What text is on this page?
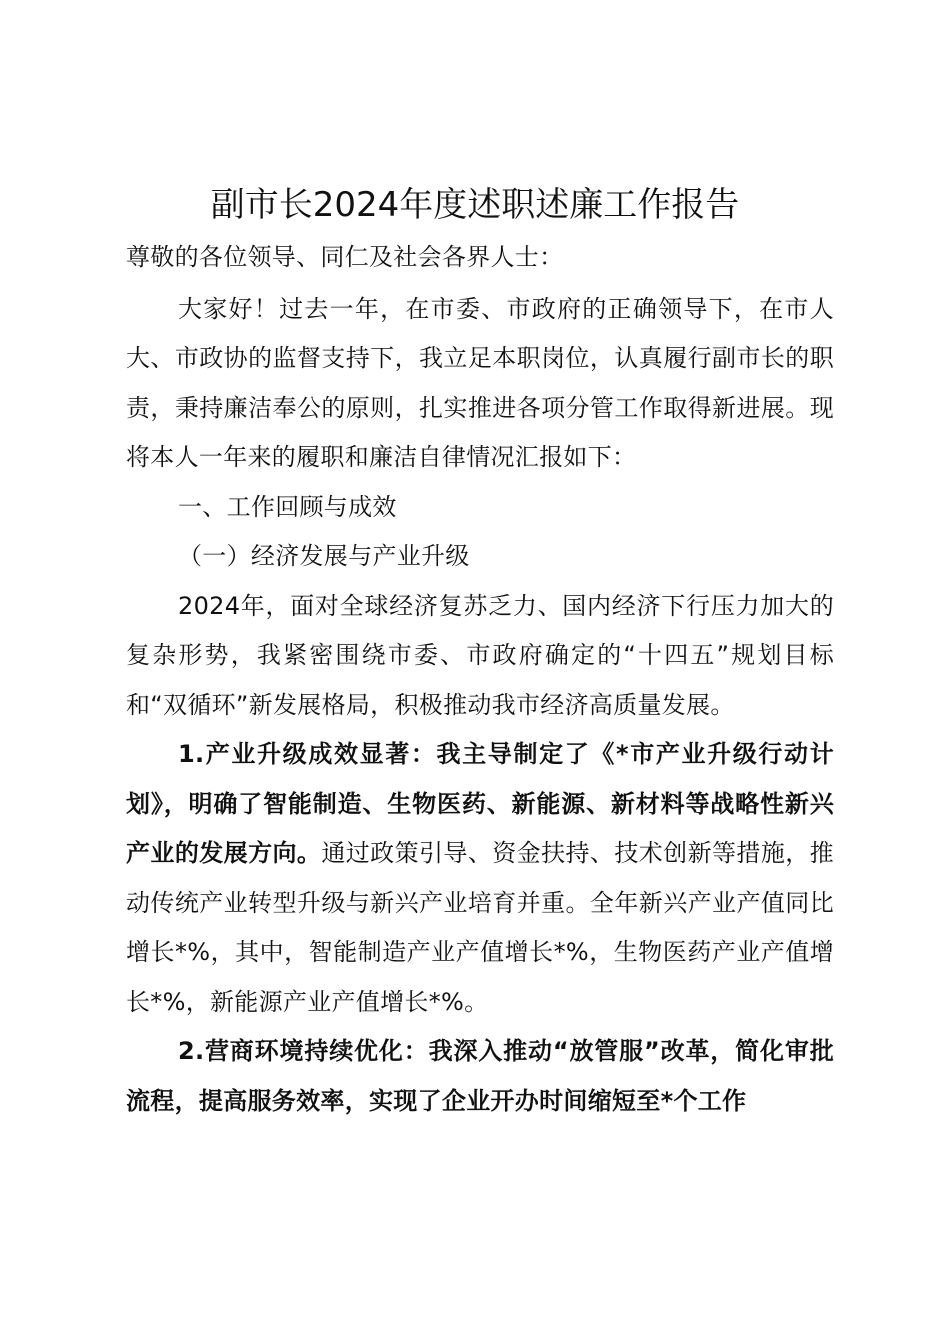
副市长2024年度述职述廉工作报告

尊敬的各位领导、同仁及社会各界人士：

大家好！过去一年，在市委、市政府的正确领导下，在市人大、市政协的监督支持下，我立足本职岗位，认真履行副市长的职责，秉持廉洁奉公的原则，扎实推进各项分管工作取得新进展。现将本人一年来的履职和廉洁自律情况汇报如下：

一、工作回顾与成效

（一）经济发展与产业升级

2024年，面对全球经济复苏乏力、国内经济下行压力加大的复杂形势，我紧密围绕市委、市政府确定的“十四五”规划目标和“双循环”新发展格局，积极推动我市经济高质量发展。

1.产业升级成效显著：我主导制定了《*市产业升级行动计划》，明确了智能制造、生物医药、新能源、新材料等战略性新兴产业的发展方向。通过政策引导、资金扶持、技术创新等措施，推动传统产业转型升级与新兴产业培育并重。全年新兴产业产值同比增长*%，其中，智能制造产业产值增长*%，生物医药产业产值增长*%，新能源产业产值增长*%。

2.营商环境持续优化：我深入推动“放管服”改革，简化审批流程，提高服务效率，实现了企业开办时间缩短至*个工作
